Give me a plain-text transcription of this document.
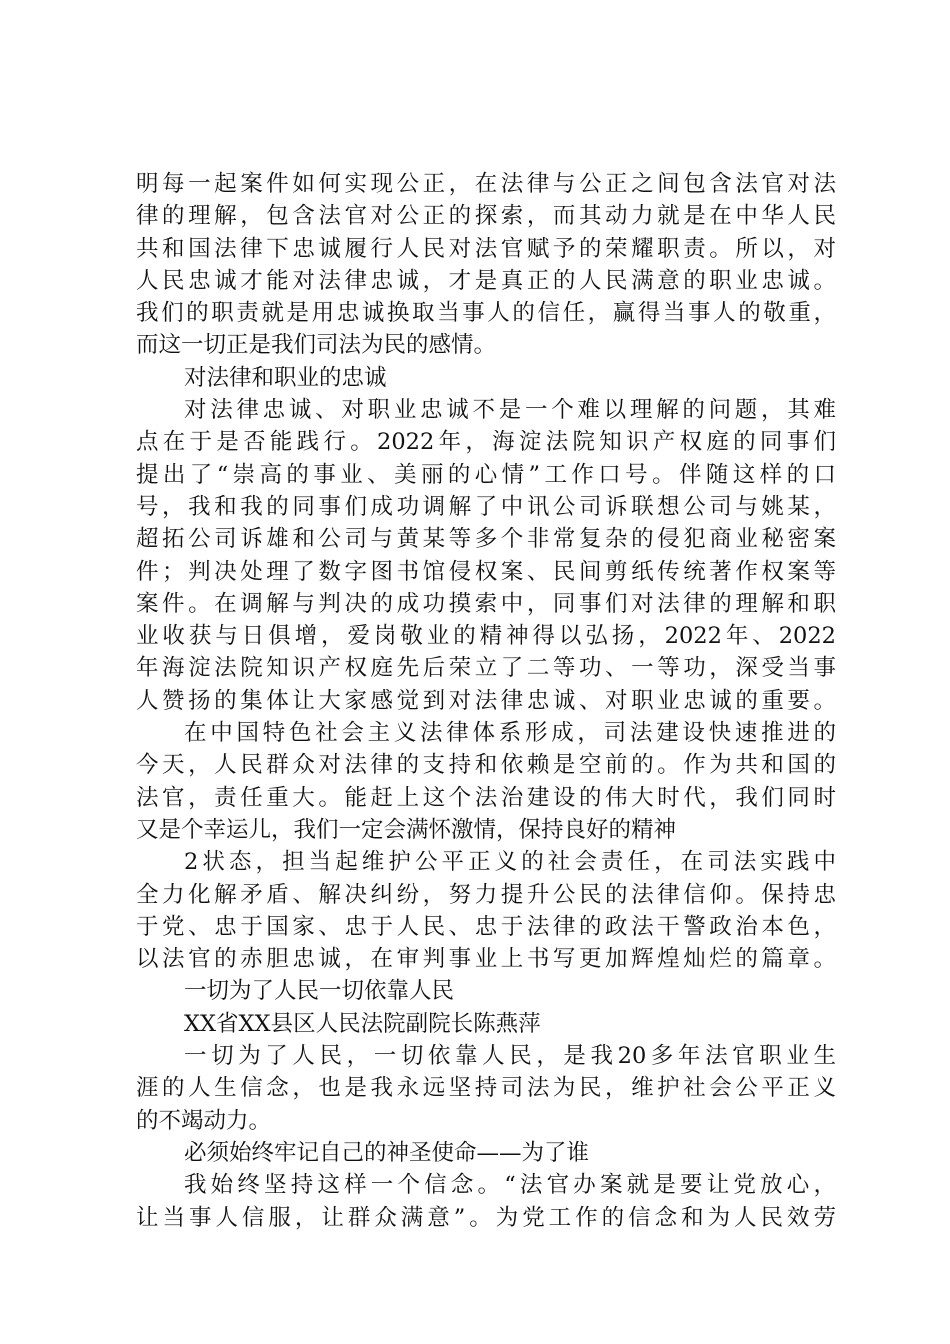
明每一起案件如何实现公正，在法律与公正之间包含法官对法
律的理解，包含法官对公正的探索，而其动力就是在中华人民
共和国法律下忠诚履行人民对法官赋予的荣耀职责。所以，对
人民忠诚才能对法律忠诚，才是真正的人民满意的职业忠诚。
我们的职责就是用忠诚换取当事人的信任，赢得当事人的敬重，
而这一切正是我们司法为民的感情。
对法律和职业的忠诚
对法律忠诚、对职业忠诚不是一个难以理解的问题，其难
点在于是否能践行。2022年，海淀法院知识产权庭的同事们
提出了“崇高的事业、美丽的心情”工作口号。伴随这样的口
号，我和我的同事们成功调解了中讯公司诉联想公司与姚某，
超拓公司诉雄和公司与黄某等多个非常复杂的侵犯商业秘密案
件；判决处理了数字图书馆侵权案、民间剪纸传统著作权案等
案件。在调解与判决的成功摸索中，同事们对法律的理解和职
业收获与日俱增，爱岗敬业的精神得以弘扬，2022年、2022
年海淀法院知识产权庭先后荣立了二等功、一等功，深受当事
人赞扬的集体让大家感觉到对法律忠诚、对职业忠诚的重要。
在中国特色社会主义法律体系形成，司法建设快速推进的
今天，人民群众对法律的支持和依赖是空前的。作为共和国的
法官，责任重大。能赶上这个法治建设的伟大时代，我们同时
又是个幸运儿，我们一定会满怀激情，保持良好的精神
2状态，担当起维护公平正义的社会责任，在司法实践中
全力化解矛盾、解决纠纷，努力提升公民的法律信仰。保持忠
于党、忠于国家、忠于人民、忠于法律的政法干警政治本色，
以法官的赤胆忠诚，在审判事业上书写更加辉煌灿烂的篇章。
一切为了人民一切依靠人民
XX省XX县区人民法院副院长陈燕萍
一切为了人民，一切依靠人民，是我20多年法官职业生
涯的人生信念，也是我永远坚持司法为民，维护社会公平正义
的不竭动力。
必须始终牢记自己的神圣使命——为了谁
我始终坚持这样一个信念。“法官办案就是要让党放心，
让当事人信服，让群众满意”。为党工作的信念和为人民效劳
